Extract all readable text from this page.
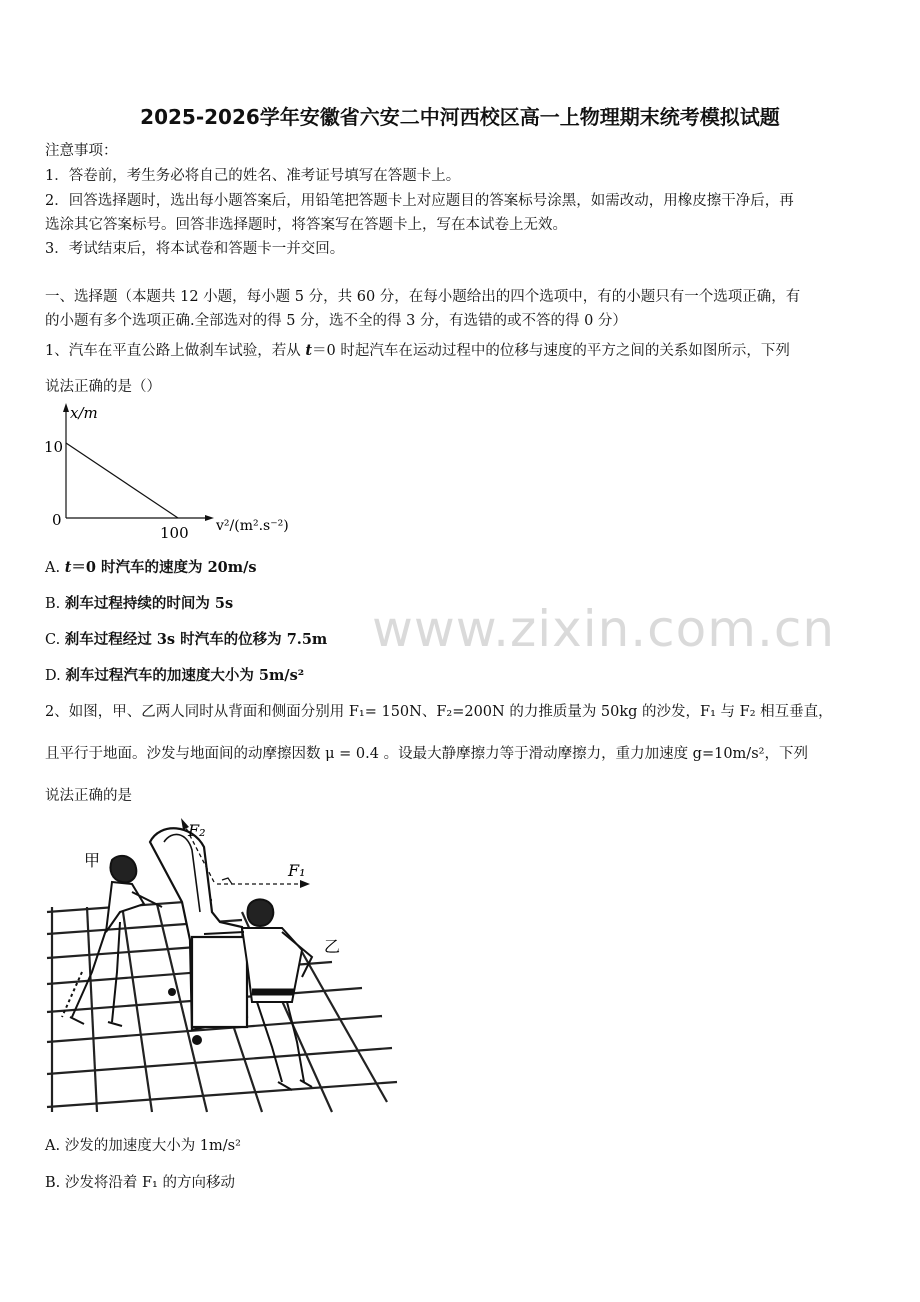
2025-2026学年安徽省六安二中河西校区高一上物理期末统考模拟试题
注意事项：
1．答卷前，考生务必将自己的姓名、准考证号填写在答题卡上。
2．回答选择题时，选出每小题答案后，用铅笔把答题卡上对应题目的答案标号涂黑，如需改动，用橡皮擦干净后，再
选涂其它答案标号。回答非选择题时，将答案写在答题卡上，写在本试卷上无效。
3．考试结束后，将本试卷和答题卡一并交回。
一、选择题（本题共 12 小题，每小题 5 分，共 60 分，在每小题给出的四个选项中，有的小题只有一个选项正确，有
的小题有多个选项正确.全部选对的得 5 分，选不全的得 3 分，有选错的或不答的得 0 分）
1、汽车在平直公路上做刹车试验，若从 t＝0 时起汽车在运动过程中的位移与速度的平方之间的关系如图所示，下列
说法正确的是（）
x/m
10
0
100 v²/(m².s⁻²)
A. t＝0 时汽车的速度为 20m/s
B. 刹车过程持续的时间为 5s
C. 刹车过程经过 3s 时汽车的位移为 7.5m
D. 刹车过程汽车的加速度大小为 5m/s²
www.zixin.com.cn
2、如图，甲、乙两人同时从背面和侧面分别用 F₁= 150N、F₂=200N 的力推质量为 50kg 的沙发，F₁ 与 F₂ 相互垂直，
且平行于地面。沙发与地面间的动摩擦因数 μ = 0.4 。设最大静摩擦力等于滑动摩擦力，重力加速度 g=10m/s²，下列
说法正确的是
F₂
F₁
甲
乙
A. 沙发的加速度大小为 1m/s²
B. 沙发将沿着 F₁ 的方向移动
